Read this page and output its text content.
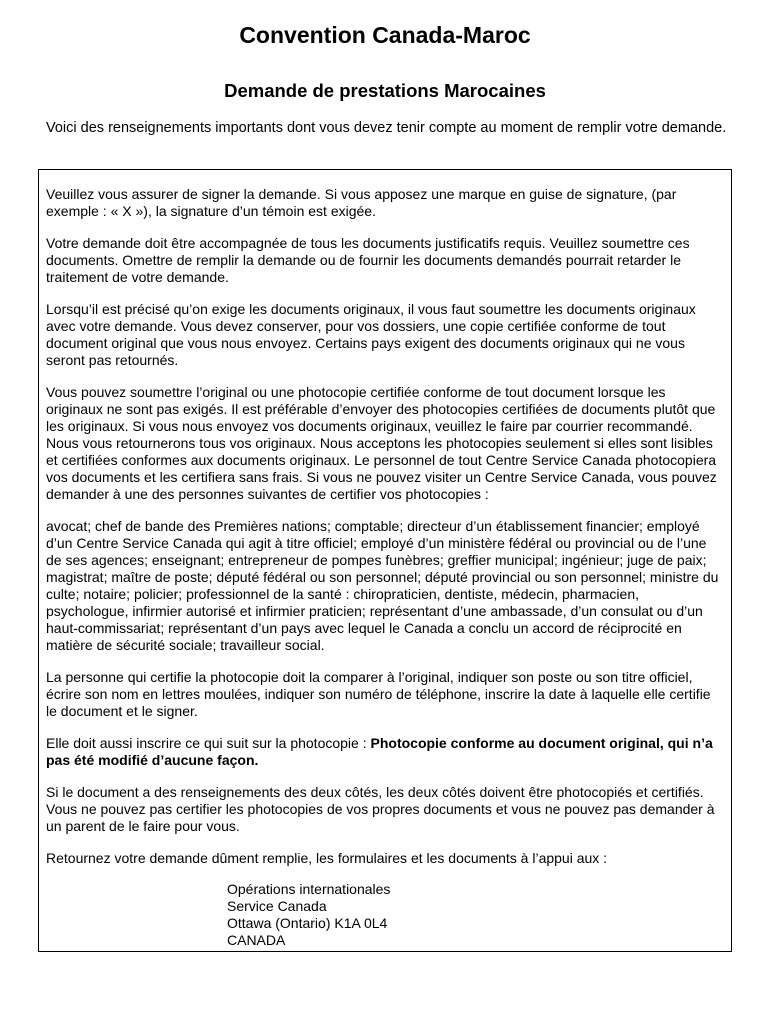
Convention Canada-Maroc
Demande de prestations Marocaines

Voici des renseignements importants dont vous devez tenir compte au moment de remplir votre demande.

Veuillez vous assurer de signer la demande. Si vous apposez une marque en guise de signature, (par exemple : « X »), la signature d’un témoin est exigée.

Votre demande doit être accompagnée de tous les documents justificatifs requis. Veuillez soumettre ces documents. Omettre de remplir la demande ou de fournir les documents demandés pourrait retarder le traitement de votre demande.

Lorsqu’il est précisé qu’on exige les documents originaux, il vous faut soumettre les documents originaux avec votre demande. Vous devez conserver, pour vos dossiers, une copie certifiée conforme de tout document original que vous nous envoyez. Certains pays exigent des documents originaux qui ne vous seront pas retournés.

Vous pouvez soumettre l’original ou une photocopie certifiée conforme de tout document lorsque les originaux ne sont pas exigés. Il est préférable d’envoyer des photocopies certifiées de documents plutôt que les originaux. Si vous nous envoyez vos documents originaux, veuillez le faire par courrier recommandé. Nous vous retournerons tous vos originaux. Nous acceptons les photocopies seulement si elles sont lisibles et certifiées conformes aux documents originaux. Le personnel de tout Centre Service Canada photocopiera vos documents et les certifiera sans frais. Si vous ne pouvez visiter un Centre Service Canada, vous pouvez demander à une des personnes suivantes de certifier vos photocopies :

avocat; chef de bande des Premières nations; comptable; directeur d’un établissement financier; employé d’un Centre Service Canada qui agit à titre officiel; employé d’un ministère fédéral ou provincial ou de l’une de ses agences; enseignant; entrepreneur de pompes funèbres; greffier municipal; ingénieur; juge de paix; magistrat; maître de poste; député fédéral ou son personnel; député provincial ou son personnel; ministre du culte; notaire; policier; professionnel de la santé : chiropraticien, dentiste, médecin, pharmacien, psychologue, infirmier autorisé et infirmier praticien; représentant d’une ambassade, d’un consulat ou d’un haut-commissariat; représentant d’un pays avec lequel le Canada a conclu un accord de réciprocité en matière de sécurité sociale; travailleur social.

La personne qui certifie la photocopie doit la comparer à l’original, indiquer son poste ou son titre officiel, écrire son nom en lettres moulées, indiquer son numéro de téléphone, inscrire la date à laquelle elle certifie le document et le signer.

Elle doit aussi inscrire ce qui suit sur la photocopie : Photocopie conforme au document original, qui n’a pas été modifié d’aucune façon.

Si le document a des renseignements des deux côtés, les deux côtés doivent être photocopiés et certifiés. Vous ne pouvez pas certifier les photocopies de vos propres documents et vous ne pouvez pas demander à un parent de le faire pour vous.

Retournez votre demande dûment remplie, les formulaires et les documents à l’appui aux :

Opérations internationales
Service Canada
Ottawa (Ontario) K1A 0L4
CANADA
